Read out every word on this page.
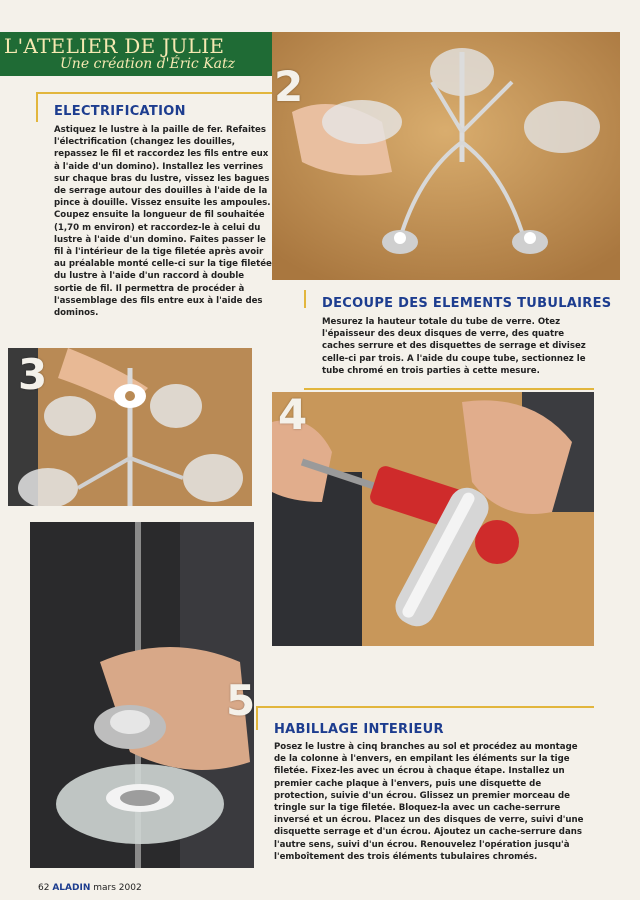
L'ATELIER DE JULIE
Une création d'Éric Katz
ELECTRIFICATION
Astiquez le lustre à la paille de fer. Refaites l'électrification (changez les douilles, repassez le fil et raccordez les fils entre eux à l'aide d'un domino). Installez les verrines sur chaque bras du lustre, vissez les bagues de serrage autour des douilles à l'aide de la pince à douille. Vissez ensuite les ampoules. Coupez ensuite la longueur de fil souhaitée (1,70 m environ) et raccordez-le à celui du lustre à l'aide d'un domino. Faites passer le fil à l'intérieur de la tige filetée après avoir au préalable monté celle-ci sur la tige filetée du lustre à l'aide d'un raccord à double sortie de fil. Il permettra de procéder à l'assemblage des fils entre eux à l'aide des dominos.
2
DECOUPE DES ELEMENTS TUBULAIRES
Mesurez la hauteur totale du tube de verre. Otez l'épaisseur des deux disques de verre, des quatre caches serrure et des disquettes de serrage et divisez celle-ci par trois. A l'aide du coupe tube, sectionnez le tube chromé en trois parties à cette mesure.
3
4
5
HABILLAGE INTERIEUR
Posez le lustre à cinq branches au sol et procédez au montage de la colonne à l'envers, en empilant les éléments sur la tige filetée. Fixez-les avec un écrou à chaque étape. Installez un premier cache plaque à l'envers, puis une disquette de protection, suivie d'un écrou. Glissez un premier morceau de tringle sur la tige filetée. Bloquez-la avec un cache-serrure inversé et un écrou. Placez un des disques de verre, suivi d'une disquette serrage et d'un écrou. Ajoutez un cache-serrure dans l'autre sens, suivi d'un écrou. Renouvelez l'opération jusqu'à l'emboîtement des trois éléments tubulaires chromés.
62 ALADIN mars 2002
